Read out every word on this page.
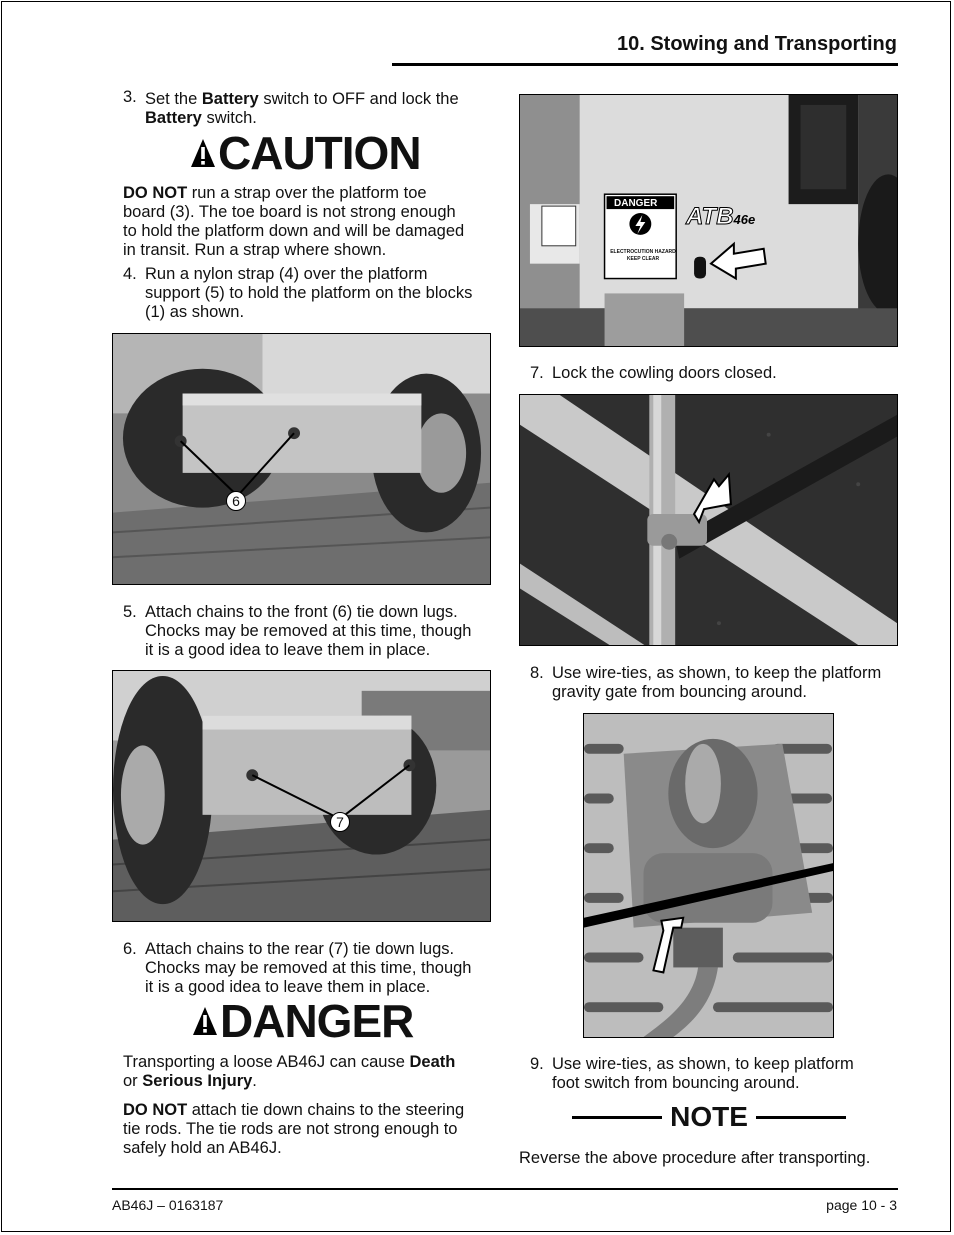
10. Stowing and Transporting
3. Set the Battery switch to OFF and lock the
Battery switch.
CAUTION
DO NOT run a strap over the platform toe
board (3). The toe board is not strong enough
to hold the platform down and will be damaged
in transit. Run a strap where shown.
4. Run a nylon strap (4) over the platform
support (5) to hold the platform on the blocks
(1) as shown.
6
5. Attach chains to the front (6) tie down lugs.
Chocks may be removed at this time, though
it is a good idea to leave them in place.
7
6. Attach chains to the rear (7) tie down lugs.
Chocks may be removed at this time, though
it is a good idea to leave them in place.
DANGER
Transporting a loose AB46J can cause Death
or Serious Injury.
DO NOT attach tie down chains to the steering
tie rods. The tie rods are not strong enough to
safely hold an AB46J.
DANGER
ELECTROCUTION HAZARD
KEEP CLEAR
ATB46e
7. Lock the cowling doors closed.
8. Use wire-ties, as shown, to keep the platform
gravity gate from bouncing around.
9. Use wire-ties, as shown, to keep platform
foot switch from bouncing around.
NOTE
Reverse the above procedure after transporting.
AB46J – 0163187	page 10 - 3
